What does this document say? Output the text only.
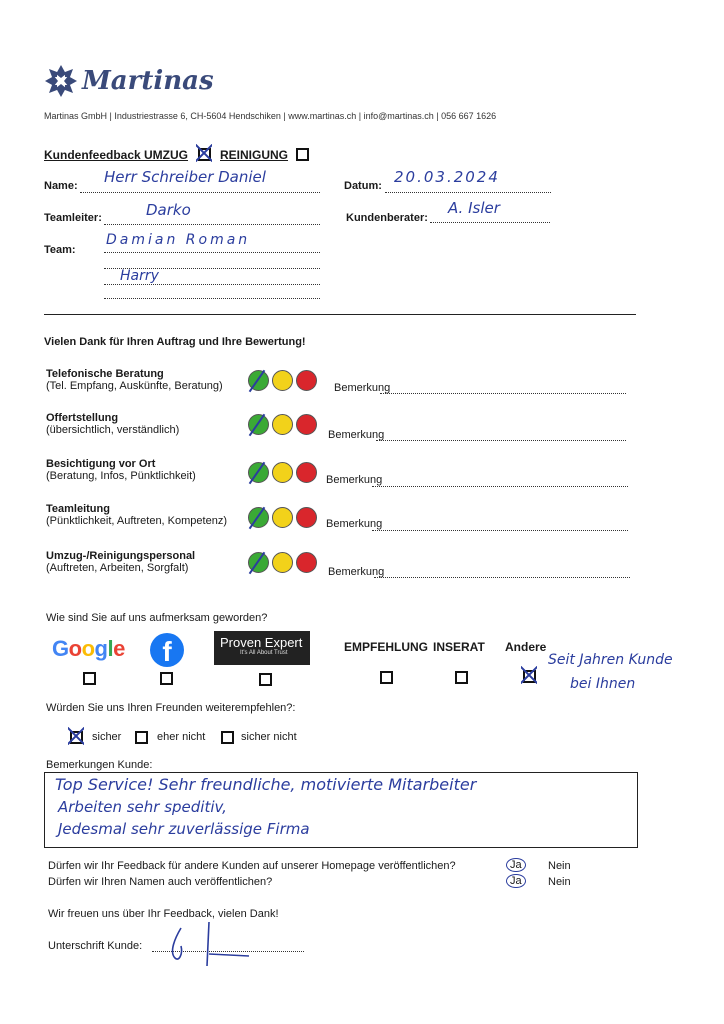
Martinas
Martinas GmbH | Industriestrasse 6, CH-5604 Hendschiken | www.martinas.ch | info@martinas.ch | 056 667 1626
Kundenfeedback UMZUG	REINIGUNG
Name: Herr Schreiber Daniel	Datum: 20.03.2024
Teamleiter:	Darko	Kundenberater:
A. Isler
Team:
Damian Roman
Harry
Vielen Dank für Ihren Auftrag und Ihre Bewertung!
Telefonische Beratung
(Tel. Empfang, Auskünfte, Beratung)	Bemerkung
Offertstellung
(übersichtlich, verständlich)	Bemerkung
Besichtigung vor Ort
(Beratung, Infos, Pünktlichkeit)	Bemerkung
Teamleitung
(Pünktlichkeit, Auftreten, Kompetenz)	Bemerkung
Umzug-/Reinigungspersonal
(Auftreten, Arbeiten, Sorgfalt)	Bemerkung
Wie sind Sie auf uns aufmerksam geworden?
Google	f	Proven Expert
It's All About Trust	EMPFEHLUNG INSERAT Andere
Seit Jahren Kunde
bei Ihnen
Würden Sie uns Ihren Freunden weiterempfehlen?:
sicher	eher nicht	sicher nicht
Bemerkungen Kunde:
Top Service! Sehr freundliche, motivierte Mitarbeiter
Arbeiten sehr speditiv,
Jedesmal sehr zuverlässige Firma
Dürfen wir Ihr Feedback für andere Kunden auf unserer Homepage veröffentlichen?	Ja	Nein
Dürfen wir Ihren Namen auch veröffentlichen?	Ja	Nein
Wir freuen uns über Ihr Feedback, vielen Dank!
Unterschrift Kunde:
